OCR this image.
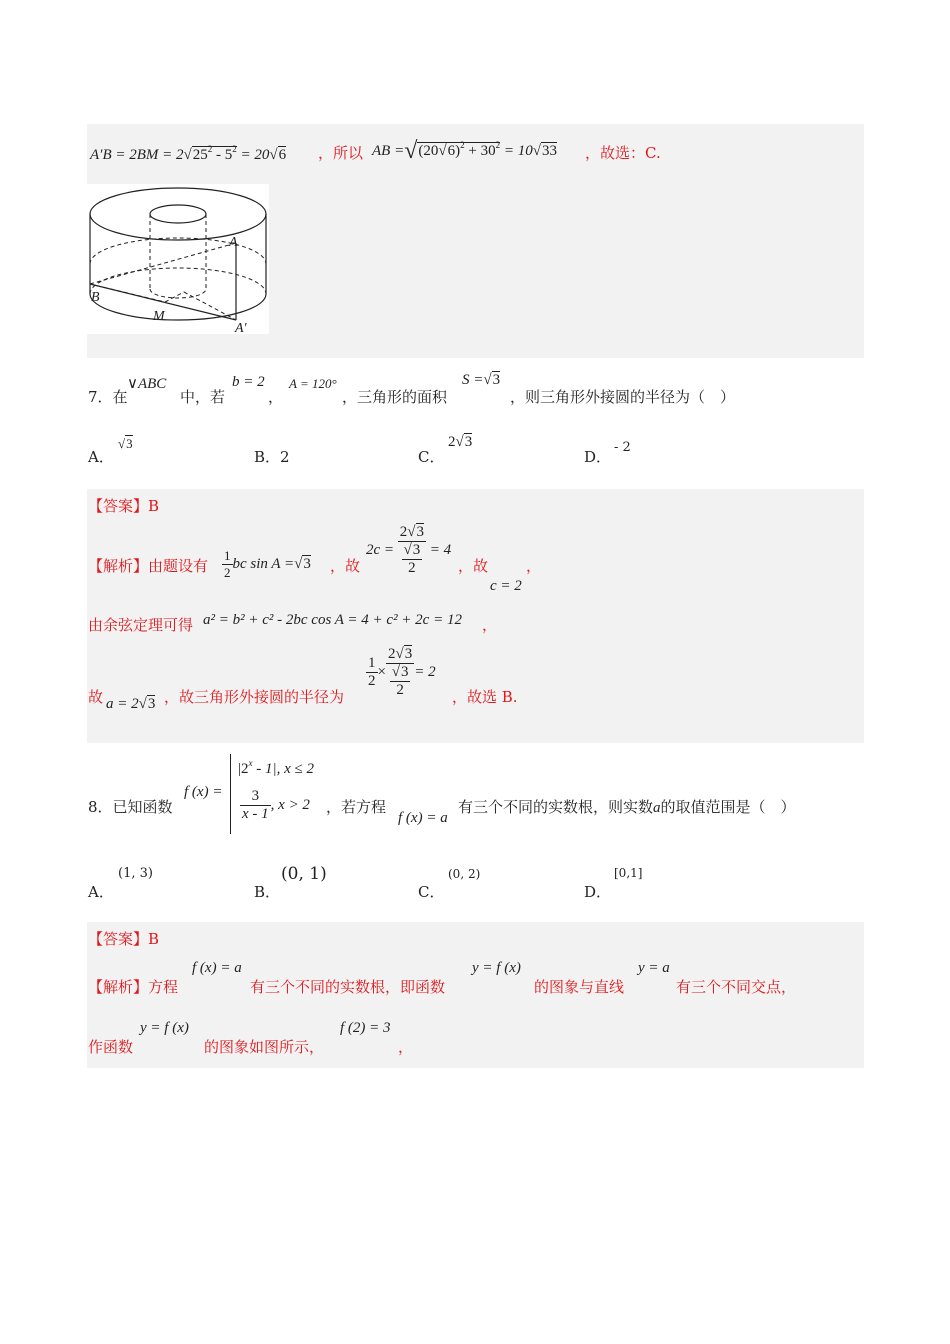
$A'B = 2BM = 2√25^2 - 5^2 = 20√6$ ，所以 AB $=√(20√6)^2 + 30^2 = 10√33$ ，故选：C.
A
B
M
A′
7．在
∨ABC
中，若
b = 2
，
A = 120°
，三角形的面积
S =√3
，则三角形外接圆的半径为（　）
A．
√3
B．2	C．
2√3
D．
- 2
【答案】B
【解析】由题设有 $\frac{1}{2}$ bc sin A =√3 ，故
$2c = \frac{2√3}{\frac{√3}{2}} = 4$
，故	，
c = 2
由余弦定理可得 a² = b² + c² - 2bc cos A = 4 + c² + 2c = 12 ，
故 a = 2√3 ，故三角形外接圆的半径为
$\frac{1}{2} \times \frac{2√3}{\frac{√3}{2}} = 2$
，故选 B.
8．已知函数
f (x) =
$|2^x - 1|$, x ≤ 2
$\frac{3}{x - 1}$ , x > 2 ，若方程
f (x) = a
有三个不同的实数根，则实数a的取值范围是（　）
A．
(1, 3)
B．
(0, 1)
C．
(0, 2)
D．
[0,1]
【答案】B
【解析】方程
f (x) = a
有三个不同的实数根，即函数
y = f (x)
的图象与直线
y = a
有三个不同交点，
作函数
y = f (x)
的图象如图所示，
f (2) = 3
，
